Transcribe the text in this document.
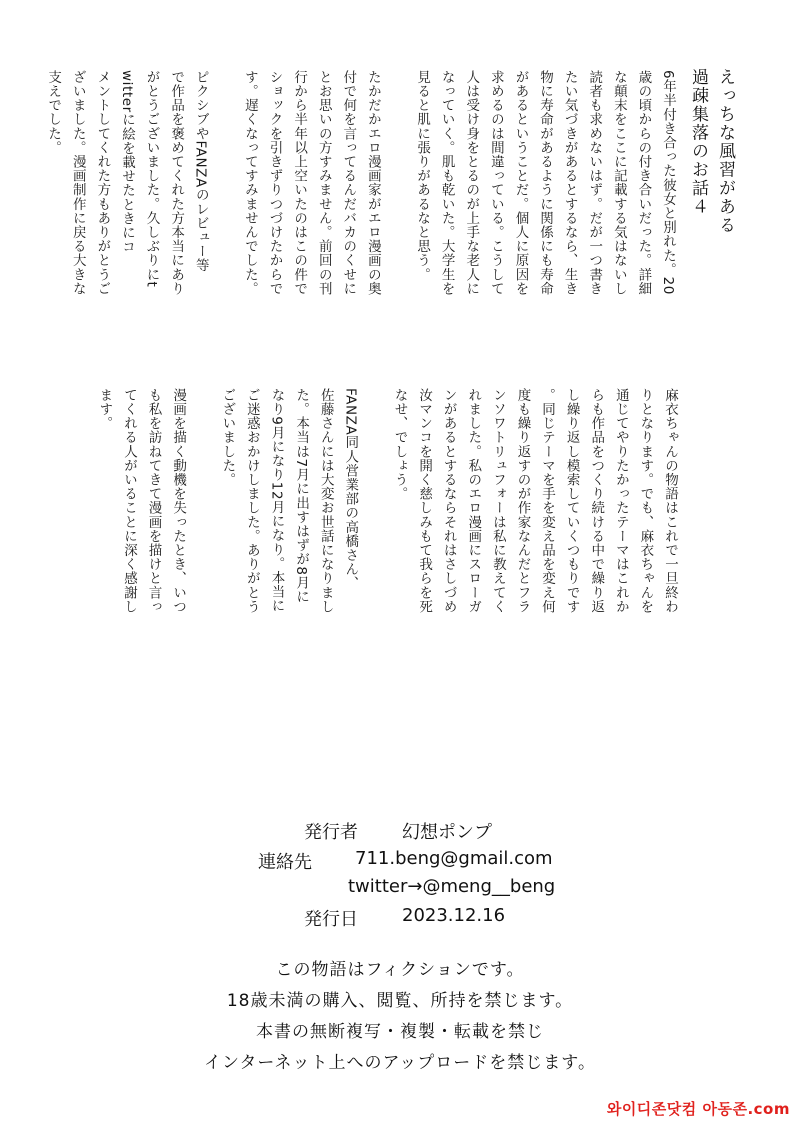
えっちな風習がある
過疎集落のお話４
6年半付き合った彼女と別れた。20
歳の頃からの付き合いだった。詳細
な顛末をここに記載する気はないし
読者も求めないはず。だが一つ書き
たい気づきがあるとするなら、生き
物に寿命があるように関係にも寿命
があるということだ。個人に原因を
求めるのは間違っている。こうして
人は受け身をとるのが上手な老人に
なっていく。肌も乾いた。大学生を
見ると肌に張りがあるなと思う。

たかだかエロ漫画家がエロ漫画の奥
付で何を言ってるんだバカのくせに
とお思いの方すみません。前回の刊
行から半年以上空いたのはこの件で
ショックを引きずりつづけたからで
す。遅くなってすみませんでした。

ピクシブやFANZAのレビュー等
で作品を褒めてくれた方本当にあり
がとうございました。久しぶりにt
witterに絵を載せたときにコ
メントしてくれた方もありがとうご
ざいました。漫画制作に戻る大きな
支えでした。
麻衣ちゃんの物語はこれで一旦終わ
りとなります。でも、麻衣ちゃんを
通じてやりたかったテーマはこれか
らも作品をつくり続ける中で繰り返
し繰り返し模索していくつもりです
。同じテーマを手を変え品を変え何
度も繰り返すのが作家なんだとフラ
ンソワトリュフォーは私に教えてく
れました。私のエロ漫画にスローガ
ンがあるとするならそれはさしづめ
汝マンコを開く慈しみもて我らを死
なせ、でしょう。

FANZA同人営業部の高橋さん、
佐藤さんには大変お世話になりまし
た。本当は7月に出すはずが8月に
なり9月になり12月になり。本当に
ご迷惑おかけしました。ありがとう
ございました。

漫画を描く動機を失ったとき、いつ
も私を訪ねてきて漫画を描けと言っ
てくれる人がいることに深く感謝し
ます。
発行者 幻想ポンプ
連絡先 711.beng@gmail.com
twitter→@meng__beng
発行日 2023.12.16
この物語はフィクションです。
18歳未満の購入、閲覧、所持を禁じます。
本書の無断複写・複製・転載を禁じ
インターネット上へのアップロードを禁じます。
와이디존닷컴 아동존.com
